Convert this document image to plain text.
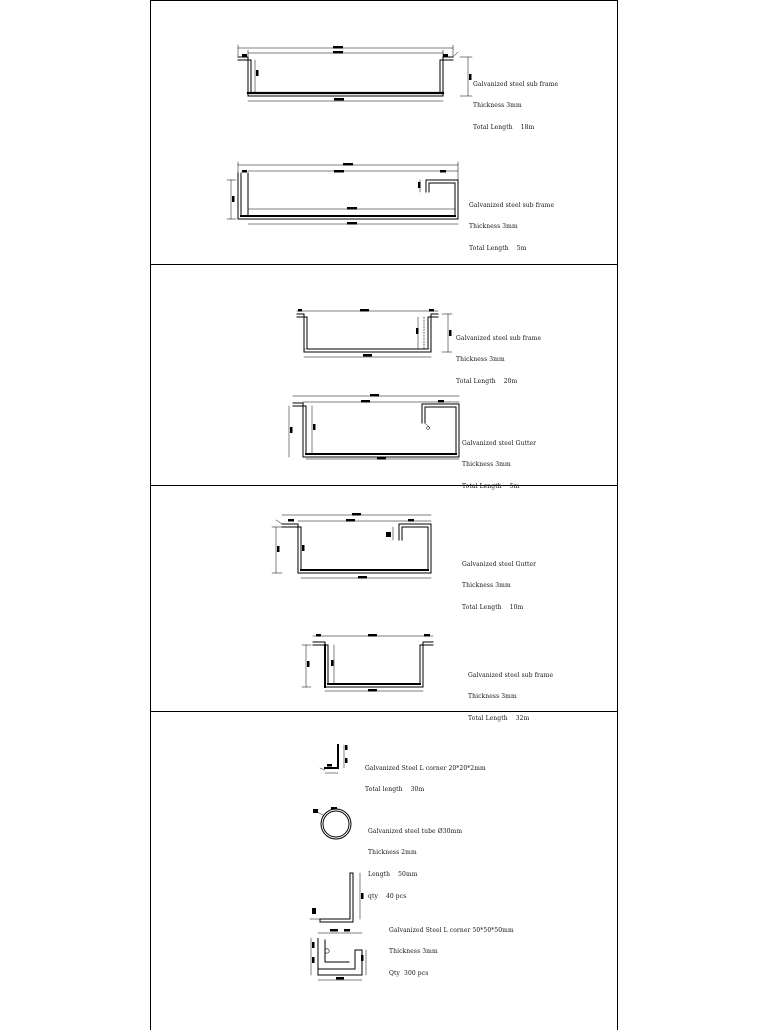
Galvanized steel sub frame

Thickness 3mm

Total Length    18m

Galvanized steel sub frame

Thickness 3mm

Total Length    5m

Galvanized steel sub frame

Thickness 3mm

Total Length    20m

Galvanized steel Gutter

Thickness 3mm

Total Length    5m

Galvanized steel Gutter

Thickness 3mm

Total Length    10m

Galvanized steel sub frame

Thickness 3mm

Total Length    32m

Galvanized Steel L corner 20*20*2mm

Total length    30m

Galvanized steel tube Ø30mm

Thickness 2mm

Length    50mm

qty    40 pcs

Galvanized Steel L corner 50*50*50mm

Thickness 3mm

Qty  300 pcs
